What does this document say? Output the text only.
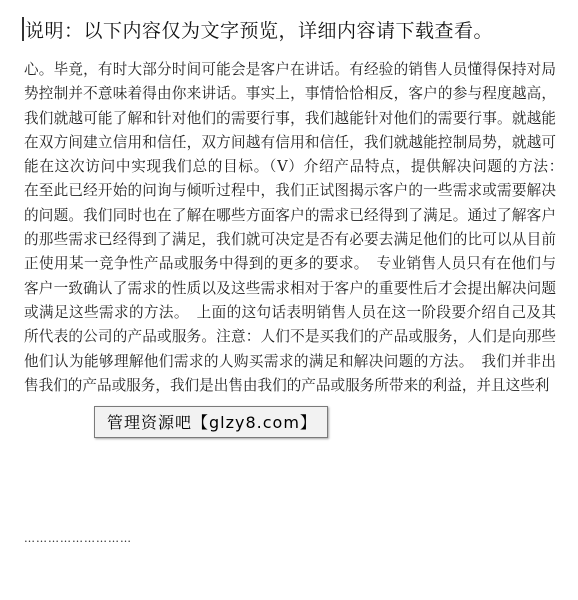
说明：以下内容仅为文字预览，详细内容请下载查看。

心。毕竟，有时大部分时间可能会是客户在讲话。有经验的销售人员懂得保持对局势控制并不意味着得由你来讲话。事实上，事情恰恰相反，客户的参与程度越高，我们就越可能了解和针对他们的需要行事，我们越能针对他们的需要行事。就越能在双方间建立信用和信任，双方间越有信用和信任，我们就越能控制局势，就越可能在这次访问中实现我们总的目标。（V）介绍产品特点，提供解决问题的方法：　在至此已经开始的问询与倾听过程中，我们正试图揭示客户的一些需求或需要解决的问题。我们同时也在了解在哪些方面客户的需求已经得到了满足。通过了解客户的那些需求已经得到了满足，我们就可决定是否有必要去满足他们的比可以从目前正使用某一竞争性产品或服务中得到的更多的要求。　专业销售人员只有在他们与客户一致确认了需求的性质以及这些需求相对于客户的重要性后才会提出解决问题或满足这些需求的方法。　上面的这句话表明销售人员在这一阶段要介绍自己及其所代表的公司的产品或服务。注意：人们不是买我们的产品或服务，人们是向那些他们认为能够理解他们需求的人购买需求的满足和解决问题的方法。　我们并非出售我们的产品或服务，我们是出售由我们的产品或服务所带来的利益，并且这些利

………………………
管理资源吧【glzy8.com】
